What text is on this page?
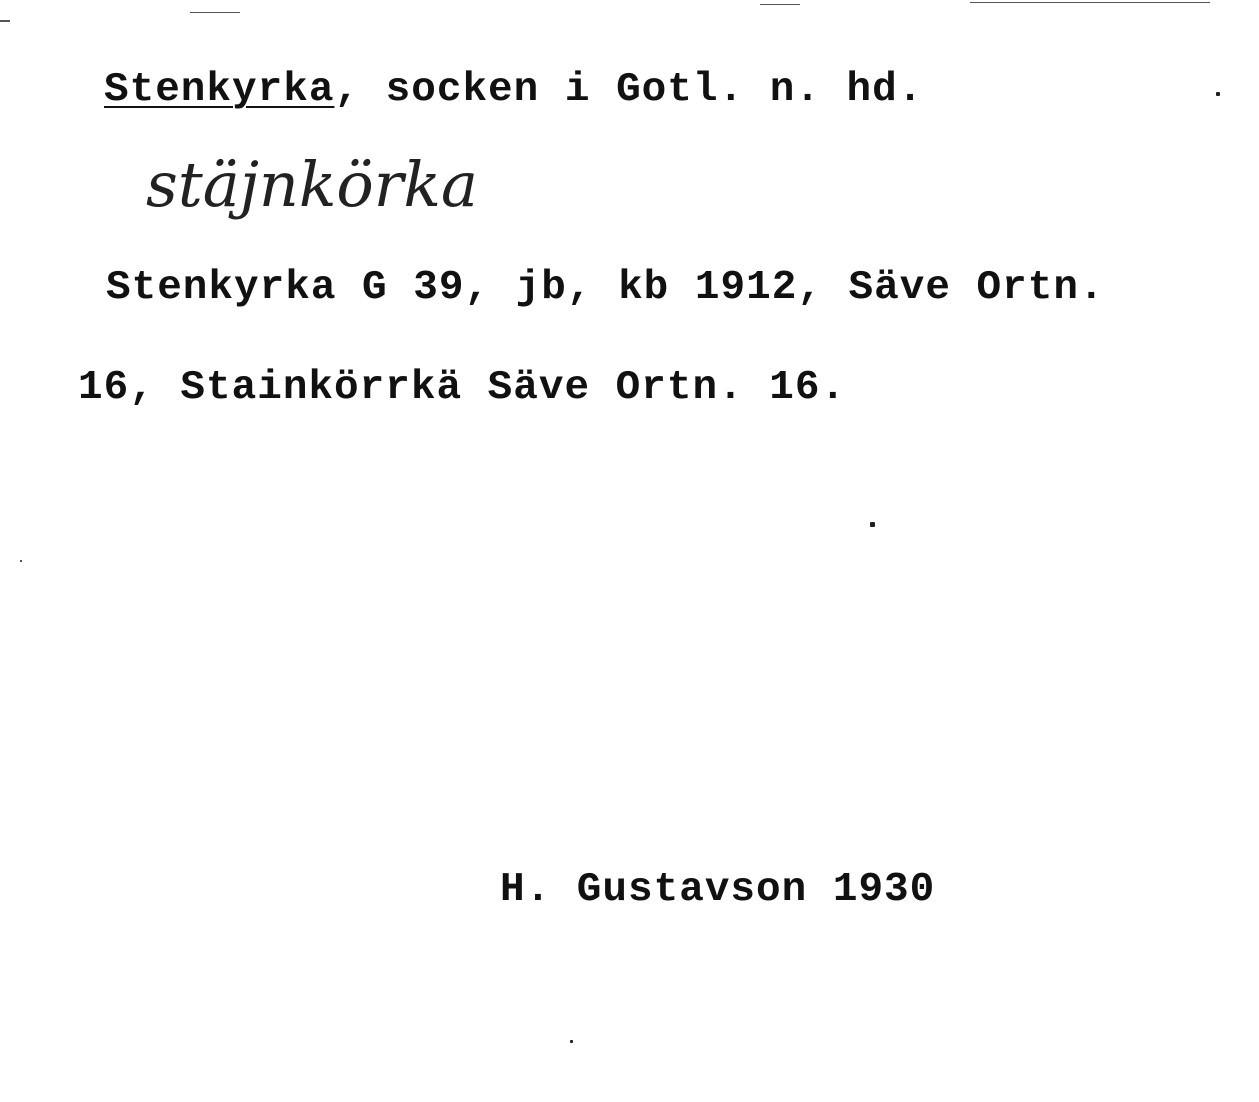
Stenkyrka, socken i Gotl. n. hd.
stäjnkörka
Stenkyrka G 39, jb, kb 1912, Säve Ortn.
16, Stainkörrkä Säve Ortn. 16.
H. Gustavson 1930
